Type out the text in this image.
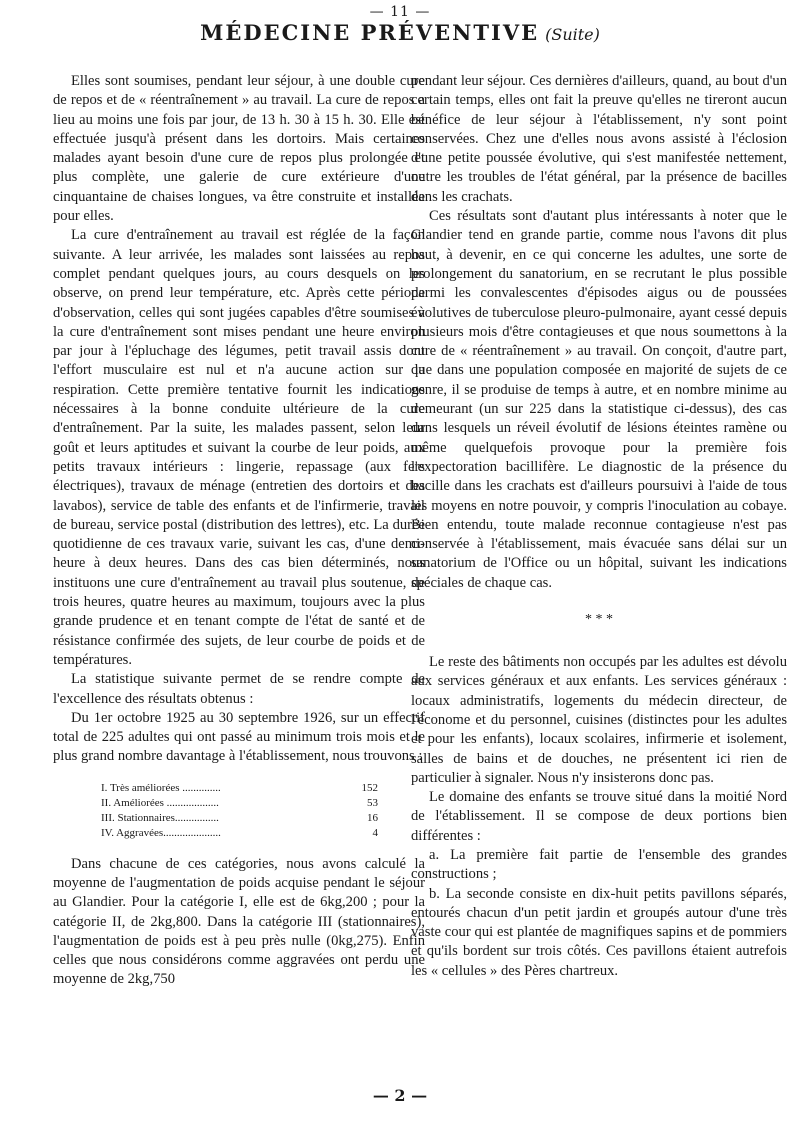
— 11 —
MÉDECINE PRÉVENTIVE (Suite)

Elles sont soumises, pendant leur séjour, à une double cure de repos et de « réentraînement » au travail. La cure de repos a lieu au moins une fois par jour, de 13 h. 30 à 15 h. 30. Elle est effectuée jusqu'à présent dans les dortoirs. Mais certaines malades ayant besoin d'une cure de repos plus prolongée et plus complète, une galerie de cure extérieure d'une cinquantaine de chaises longues, va être construite et installée pour elles.

La cure d'entraînement au travail est réglée de la façon suivante. A leur arrivée, les malades sont laissées au repos complet pendant quelques jours, au cours desquels on les observe, on prend leur température, etc. Après cette période d'observation, celles qui sont jugées capables d'être soumises à la cure d'entraînement sont mises pendant une heure environ par jour à l'épluchage des légumes, petit travail assis dont l'effort musculaire est nul et n'a aucune action sur la respiration. Cette première tentative fournit les indications nécessaires à la bonne conduite ultérieure de la cure d'entraînement. Par la suite, les malades passent, selon leur goût et leurs aptitudes et suivant la courbe de leur poids, aux petits travaux intérieurs : lingerie, repassage (aux fers électriques), travaux de ménage (entretien des dortoirs et des lavabos), service de table des enfants et de l'infirmerie, travail de bureau, service postal (distribution des lettres), etc. La durée quotidienne de ces travaux varie, suivant les cas, d'une demi-heure à deux heures. Dans des cas bien déterminés, nous instituons une cure d'entraînement au travail plus soutenue, de trois heures, quatre heures au maximum, toujours avec la plus grande prudence et en tenant compte de l'état de santé et de résistance confirmée des sujets, de leur courbe de poids et de températures.

La statistique suivante permet de se rendre compte de l'excellence des résultats obtenus :

Du 1er octobre 1925 au 30 septembre 1926, sur un effectif total de 225 adultes qui ont passé au minimum trois mois et le plus grand nombre davantage à l'établissement, nous trouvons :

I. Très améliorées ..............	152
II. Améliorées ...................	53
III. Stationnaires................	16
IV. Aggravées.....................	4

Dans chacune de ces catégories, nous avons calculé la moyenne de l'augmentation de poids acquise pendant le séjour au Glandier. Pour la catégorie I, elle est de 6kg,200 ; pour la catégorie II, de 2kg,800. Dans la catégorie III (stationnaires), l'augmentation de poids est à peu près nulle (0kg,275). Enfin celles que nous considérons comme aggravées ont perdu une moyenne de 2kg,750

pendant leur séjour. Ces dernières d'ailleurs, quand, au bout d'un certain temps, elles ont fait la preuve qu'elles ne tireront aucun bénéfice de leur séjour à l'établissement, n'y sont point conservées. Chez une d'elles nous avons assisté à l'éclosion d'une petite poussée évolutive, qui s'est manifestée nettement, outre les troubles de l'état général, par la présence de bacilles dans les crachats.

Ces résultats sont d'autant plus intéressants à noter que le Glandier tend en grande partie, comme nous l'avons dit plus haut, à devenir, en ce qui concerne les adultes, une sorte de prolongement du sanatorium, en se recrutant le plus possible parmi les convalescentes d'épisodes aigus ou de poussées évolutives de tuberculose pleuro-pulmonaire, ayant cessé depuis plusieurs mois d'être contagieuses et que nous soumettons à la cure de « réentraînement » au travail. On conçoit, d'autre part, que dans une population composée en majorité de sujets de ce genre, il se produise de temps à autre, et en nombre minime au demeurant (un sur 225 dans la statistique ci-dessus), des cas dans lesquels un réveil évolutif de lésions éteintes ramène ou même quelquefois provoque pour la première fois l'expectoration bacillifère. Le diagnostic de la présence du bacille dans les crachats est d'ailleurs poursuivi à l'aide de tous les moyens en notre pouvoir, y compris l'inoculation au cobaye. Bien entendu, toute malade reconnue contagieuse n'est pas conservée à l'établissement, mais évacuée sans délai sur un sanatorium de l'Office ou un hôpital, suivant les indications spéciales de chaque cas.

* * *

Le reste des bâtiments non occupés par les adultes est dévolu aux services généraux et aux enfants. Les services généraux : locaux administratifs, logements du médecin directeur, de l'économe et du personnel, cuisines (distinctes pour les adultes et pour les enfants), locaux scolaires, infirmerie et isolement, salles de bains et de douches, ne présentent ici rien de particulier à signaler. Nous n'y insisterons donc pas.

Le domaine des enfants se trouve situé dans la moitié Nord de l'établissement. Il se compose de deux portions bien différentes :

a. La première fait partie de l'ensemble des grandes constructions ;

b. La seconde consiste en dix-huit petits pavillons séparés, entourés chacun d'un petit jardin et groupés autour d'une très vaste cour qui est plantée de magnifiques sapins et de pommiers et qu'ils bordent sur trois côtés. Ces pavillons étaient autrefois les « cellules » des Pères chartreux.

— 2 —
